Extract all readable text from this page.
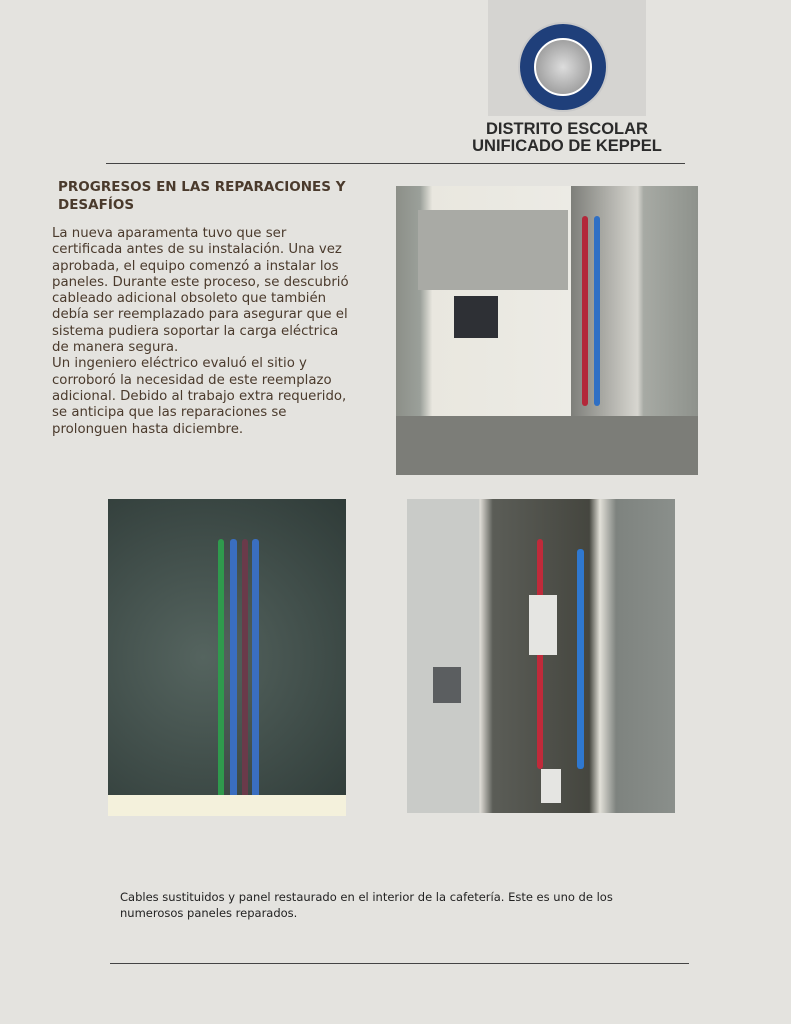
DISTRITO ESCOLAR
UNIFICADO DE KEPPEL
PROGRESOS EN LAS REPARACIONES Y DESAFÍOS

La nueva aparamenta tuvo que ser certificada antes de su instalación. Una vez aprobada, el equipo comenzó a instalar los paneles. Durante este proceso, se descubrió cableado adicional obsoleto que también debía ser reemplazado para asegurar que el sistema pudiera soportar la carga eléctrica de manera segura.

Un ingeniero eléctrico evaluó el sitio y corroboró la necesidad de este reemplazo adicional. Debido al trabajo extra requerido, se anticipa que las reparaciones se prolonguen hasta diciembre.

Cables sustituidos y panel restaurado en el interior de la cafetería. Este es uno de los numerosos paneles reparados.
